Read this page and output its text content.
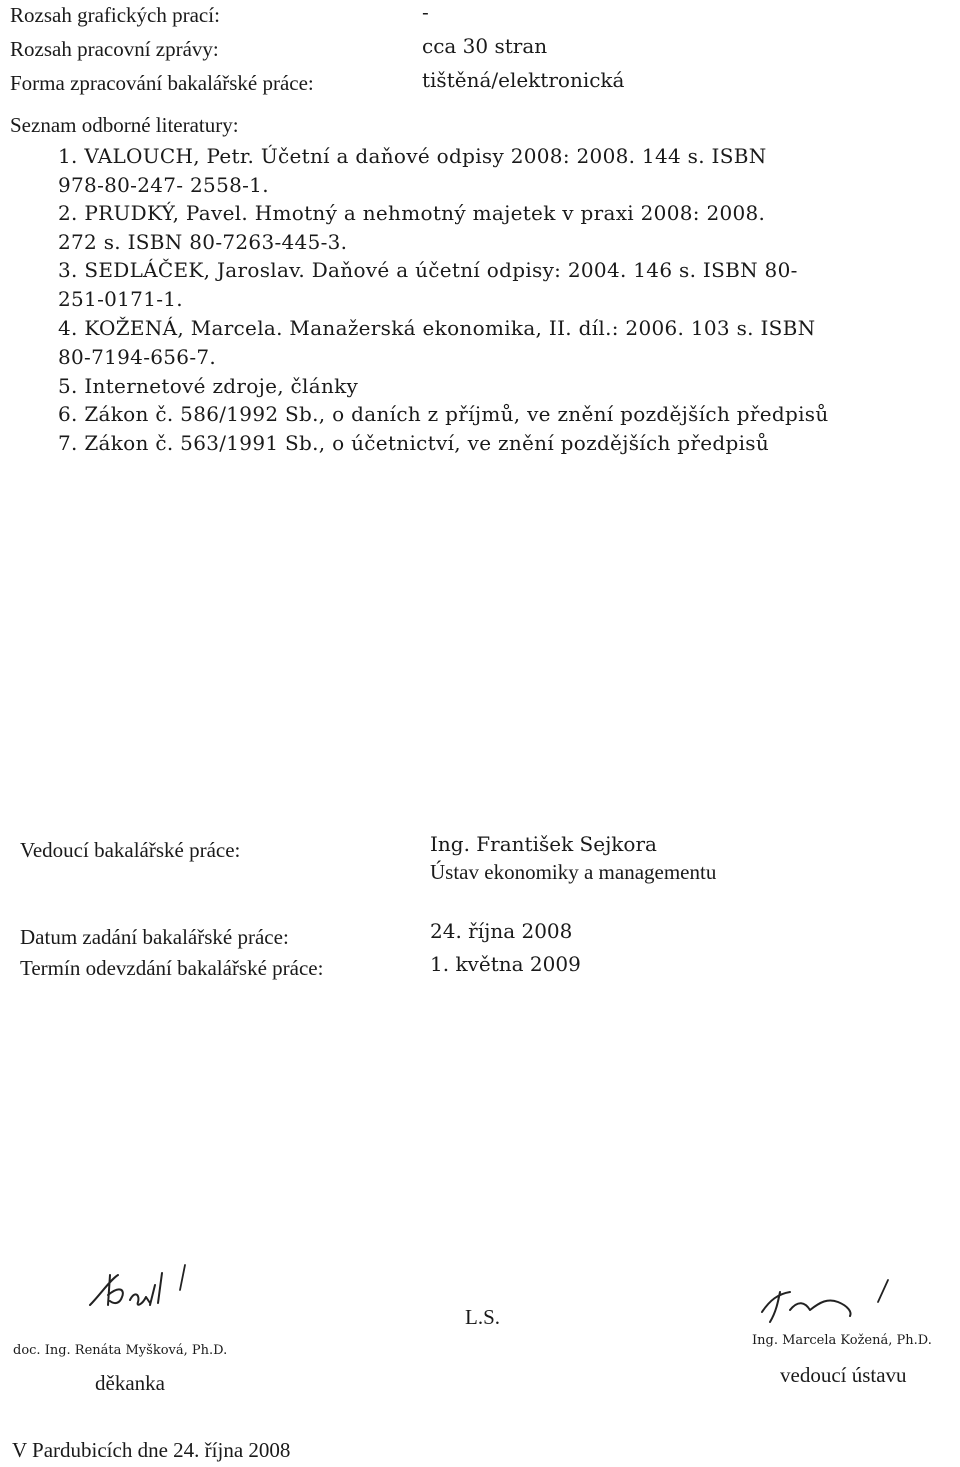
Rozsah grafických prací:	-
Rozsah pracovní zprávy:	cca 30 stran
Forma zpracování bakalářské práce:	tištěná/elektronická
Seznam odborné literatury:
1. VALOUCH, Petr. Účetní a daňové odpisy 2008: 2008. 144 s. ISBN
978-80-247- 2558-1.
2. PRUDKÝ, Pavel. Hmotný a nehmotný majetek v praxi 2008: 2008.
272 s. ISBN 80-7263-445-3.
3. SEDLÁČEK, Jaroslav. Daňové a účetní odpisy: 2004. 146 s. ISBN 80-
251-0171-1.
4. KOŽENÁ, Marcela. Manažerská ekonomika, II. díl.: 2006. 103 s. ISBN
80-7194-656-7.
5. Internetové zdroje, články
6. Zákon č. 586/1992 Sb., o daních z příjmů, ve znění pozdějších předpisů
7. Zákon č. 563/1991 Sb., o účetnictví, ve znění pozdějších předpisů
Vedoucí bakalářské práce:	Ing. František Sejkora
Ústav ekonomiky a managementu
Datum zadání bakalářské práce:	24. října 2008
Termín odevzdání bakalářské práce:	1. května 2009
doc. Ing. Renáta Myšková, Ph.D.
děkanka
L.S.
Ing. Marcela Kožená, Ph.D.
vedoucí ústavu
V Pardubicích dne 24. října 2008
